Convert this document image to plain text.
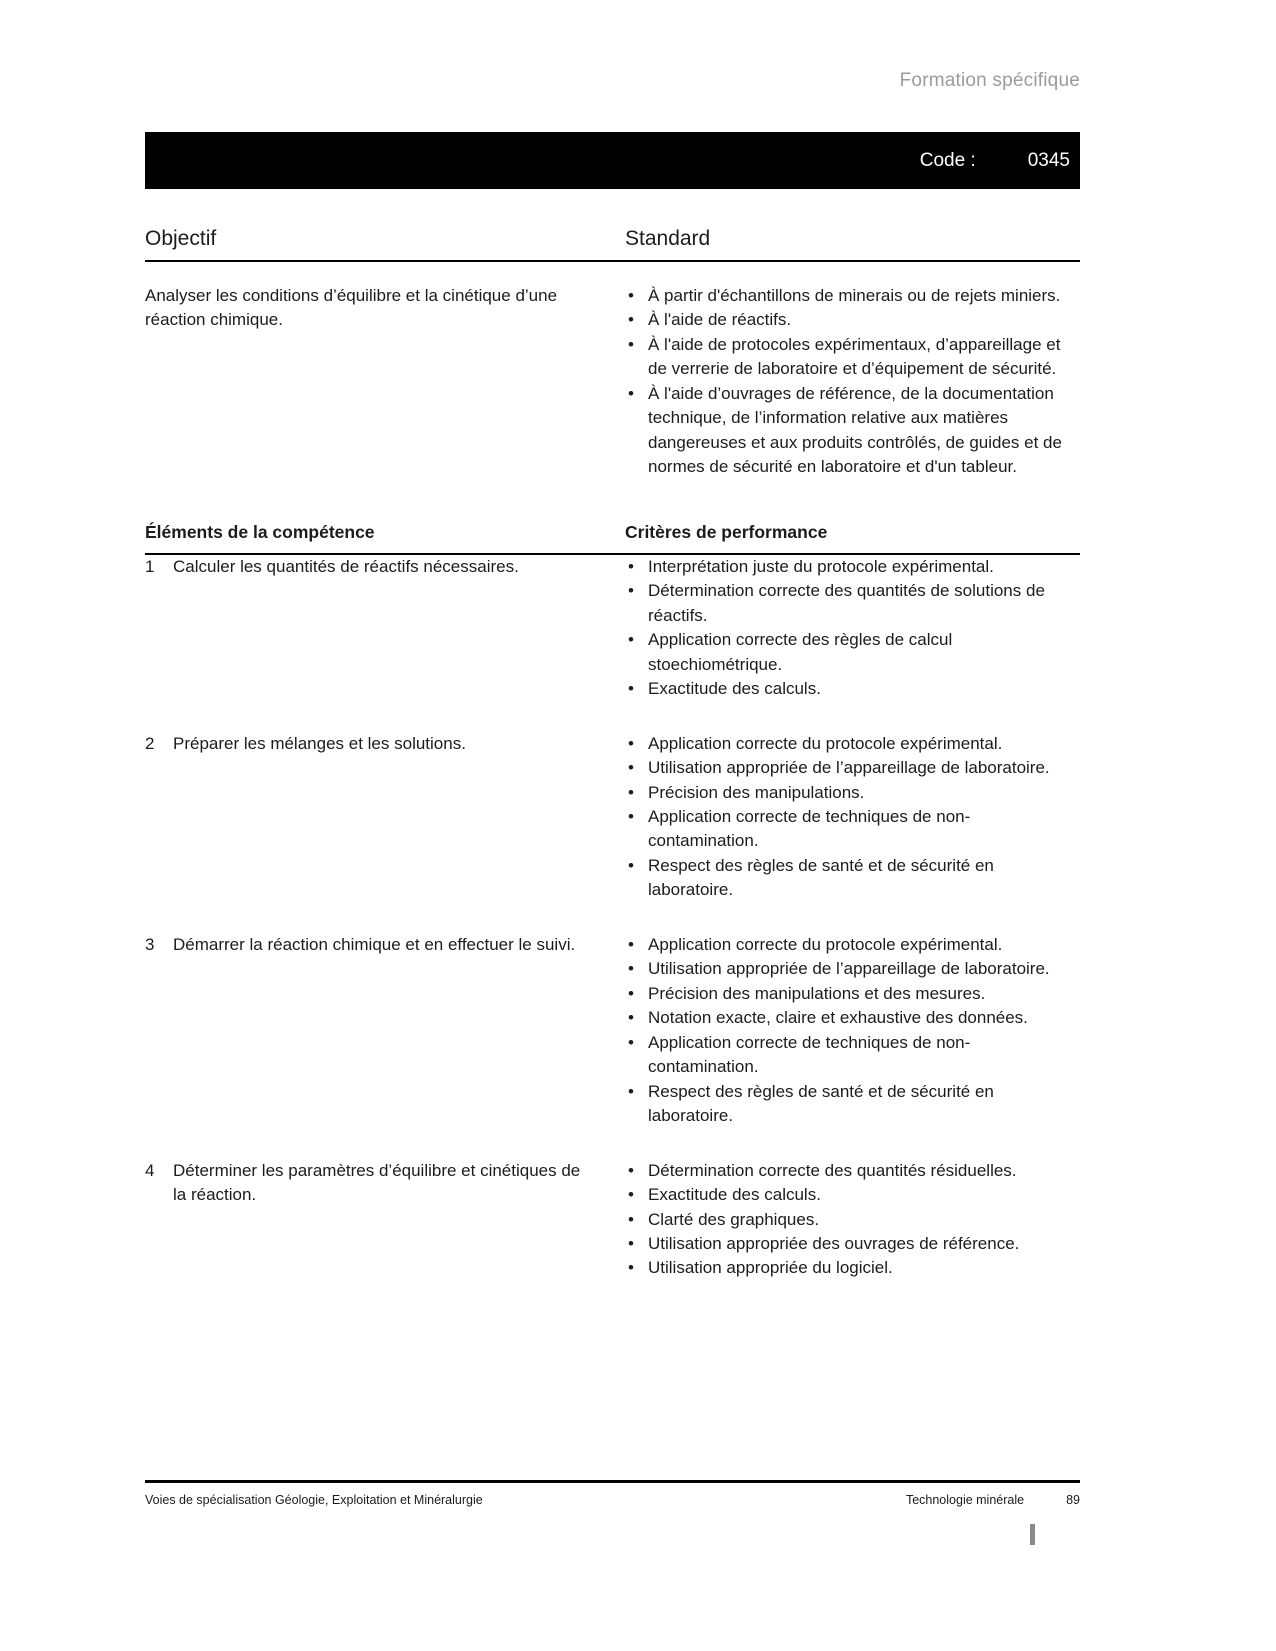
Formation spécifique
Code :	0345
Objectif	Standard
Analyser les conditions d’équilibre et la cinétique d’une réaction chimique.
• À partir d'échantillons de minerais ou de rejets miniers.
• À l'aide de réactifs.
• À l'aide de protocoles expérimentaux, d’appareillage et de verrerie de laboratoire et d’équipement de sécurité.
• À l'aide d’ouvrages de référence, de la documentation technique, de l’information relative aux matières dangereuses et aux produits contrôlés, de guides et de normes de sécurité en laboratoire et d'un tableur.
Éléments de la compétence	Critères de performance
1	Calculer les quantités de réactifs nécessaires.	• Interprétation juste du protocole expérimental.
• Détermination correcte des quantités de solutions de réactifs.
• Application correcte des règles de calcul stoechiométrique.
• Exactitude des calculs.
2	Préparer les mélanges et les solutions.	• Application correcte du protocole expérimental.
• Utilisation appropriée de l’appareillage de laboratoire.
• Précision des manipulations.
• Application correcte de techniques de non-contamination.
• Respect des règles de santé et de sécurité en laboratoire.
3	Démarrer la réaction chimique et en effectuer le suivi.	• Application correcte du protocole expérimental.
• Utilisation appropriée de l’appareillage de laboratoire.
• Précision des manipulations et des mesures.
• Notation exacte, claire et exhaustive des données.
• Application correcte de techniques de non-contamination.
• Respect des règles de santé et de sécurité en laboratoire.
4	Déterminer les paramètres d’équilibre et cinétiques de la réaction.
• Détermination correcte des quantités résiduelles.
• Exactitude des calculs.
• Clarté des graphiques.
• Utilisation appropriée des ouvrages de référence.
• Utilisation appropriée du logiciel.
Voies de spécialisation Géologie, Exploitation et Minéralurgie	Technologie minérale	89
